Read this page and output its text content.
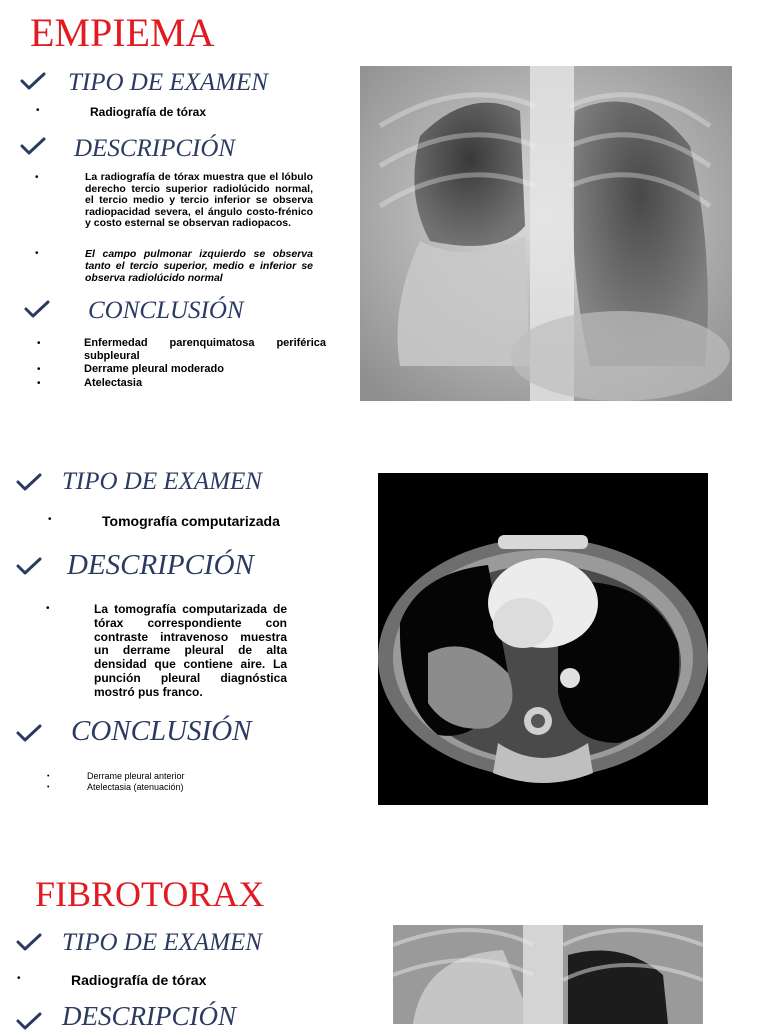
EMPIEMA
TIPO DE EXAMEN
•	Radiografía de tórax
DESCRIPCIÓN
•	La radiografía de tórax muestra que el lóbulo derecho tercio superior radiolúcido normal, el tercio medio y tercio inferior se observa radiopacidad severa, el ángulo costo-frénico y costo esternal se observan radiopacos.
•	El campo pulmonar izquierdo se observa tanto el tercio superior, medio e inferior se observa radiolúcido normal
CONCLUSIÓN
•	Enfermedad parenquimatosa periférica subpleural
•	Derrame pleural moderado
•	Atelectasia
TIPO DE EXAMEN
•	Tomografía computarizada
DESCRIPCIÓN
•	La tomografía computarizada de tórax correspondiente con contraste intravenoso muestra un derrame pleural de alta densidad que contiene aire. La punción pleural diagnóstica mostró pus franco.
CONCLUSIÓN
•	Derrame pleural anterior
•	Atelectasia (atenuación)
FIBROTORAX
TIPO DE EXAMEN
•	Radiografía de tórax
DESCRIPCIÓN
